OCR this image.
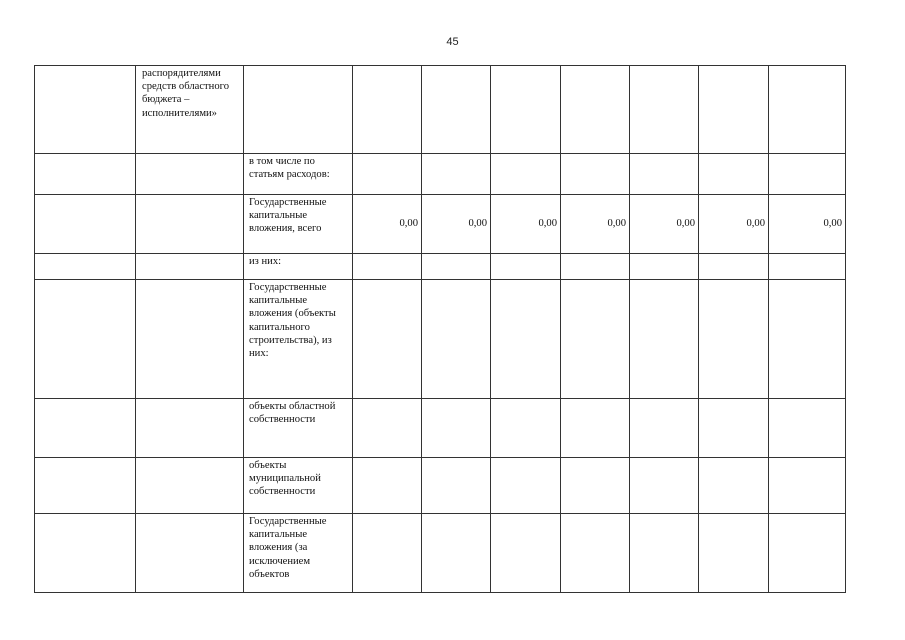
45
	распорядителями средств областного бюджета – исполнителями»								
		в том числе по статьям расходов:							
		Государственные капитальные вложения, всего	0,00	0,00	0,00	0,00	0,00	0,00	0,00
		из них:							
		Государственные капитальные вложения (объекты капитального строительства), из них:							
		объекты областной собственности							
		объекты муниципальной собственности							
		Государственные капитальные вложения (за исключением объектов							
